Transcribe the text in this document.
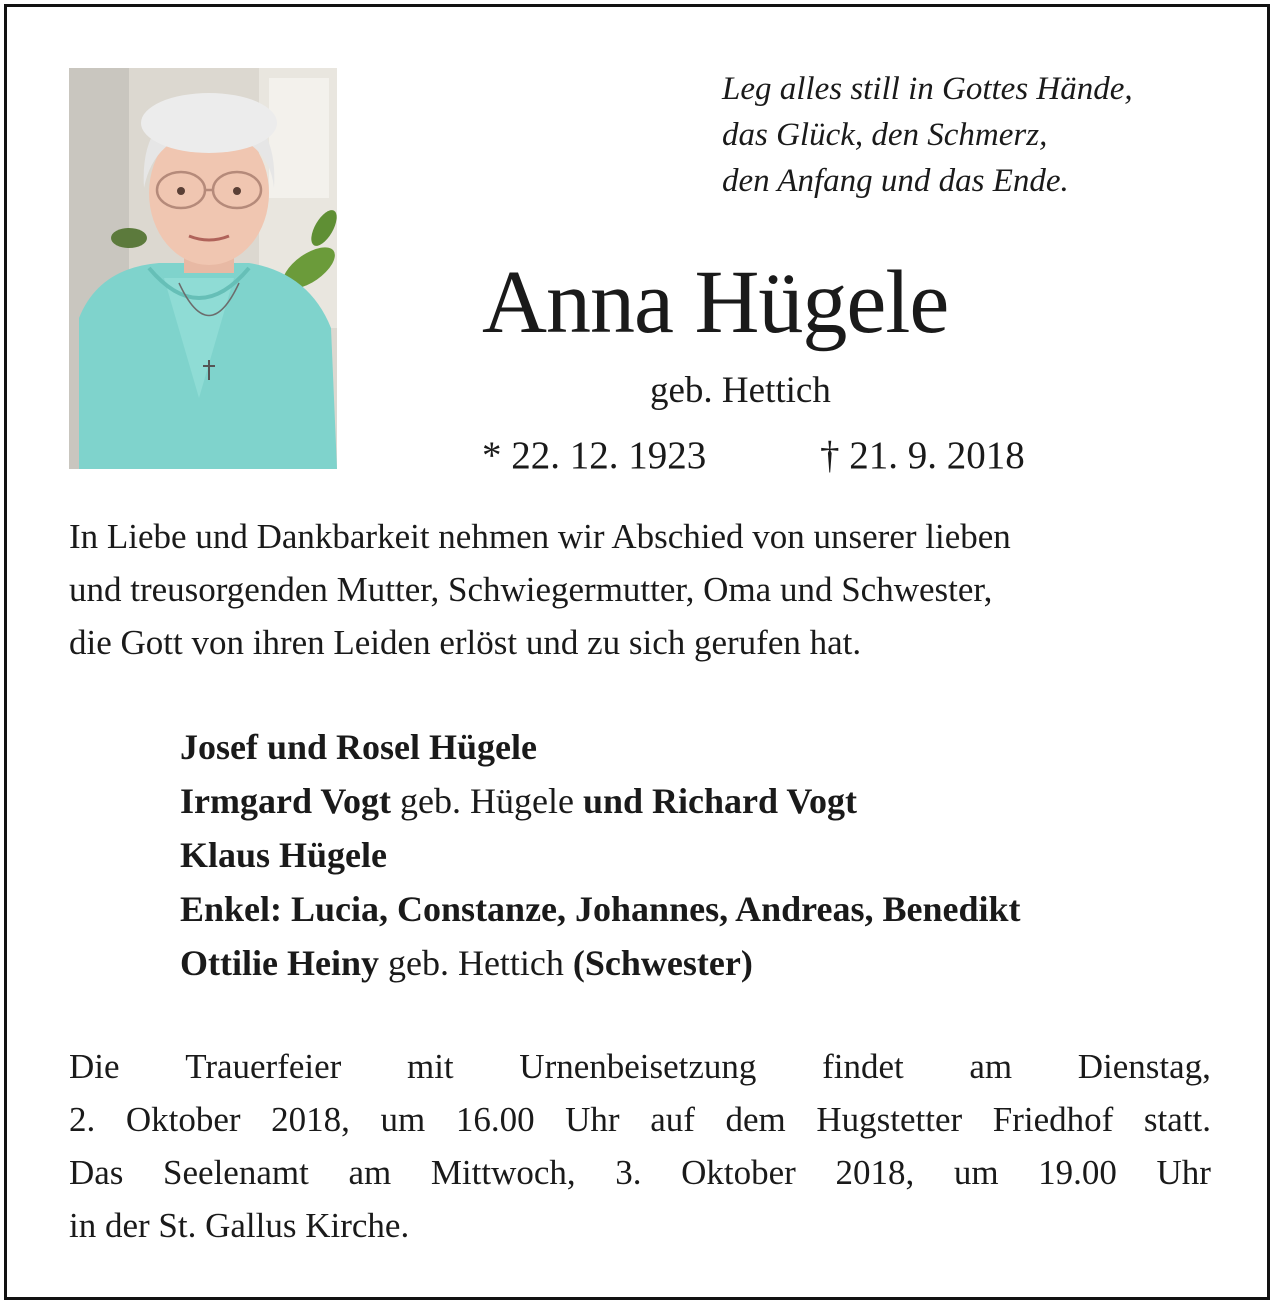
Leg alles still in Gottes Hände,
das Glück, den Schmerz,
den Anfang und das Ende.
Anna Hügele
geb. Hettich
* 22. 12. 1923	† 21. 9. 2018
In Liebe und Dankbarkeit nehmen wir Abschied von unserer lieben
und treusorgenden Mutter, Schwiegermutter, Oma und Schwester,
die Gott von ihren Leiden erlöst und zu sich gerufen hat.
Josef und Rosel Hügele
Irmgard Vogt geb. Hügele und Richard Vogt
Klaus Hügele
Enkel: Lucia, Constanze, Johannes, Andreas, Benedikt
Ottilie Heiny geb. Hettich (Schwester)
Die Trauerfeier mit Urnenbeisetzung findet am Dienstag,
2. Oktober 2018, um 16.00 Uhr auf dem Hugstetter Friedhof statt.
Das Seelenamt am Mittwoch, 3. Oktober 2018, um 19.00 Uhr
in der St. Gallus Kirche.
